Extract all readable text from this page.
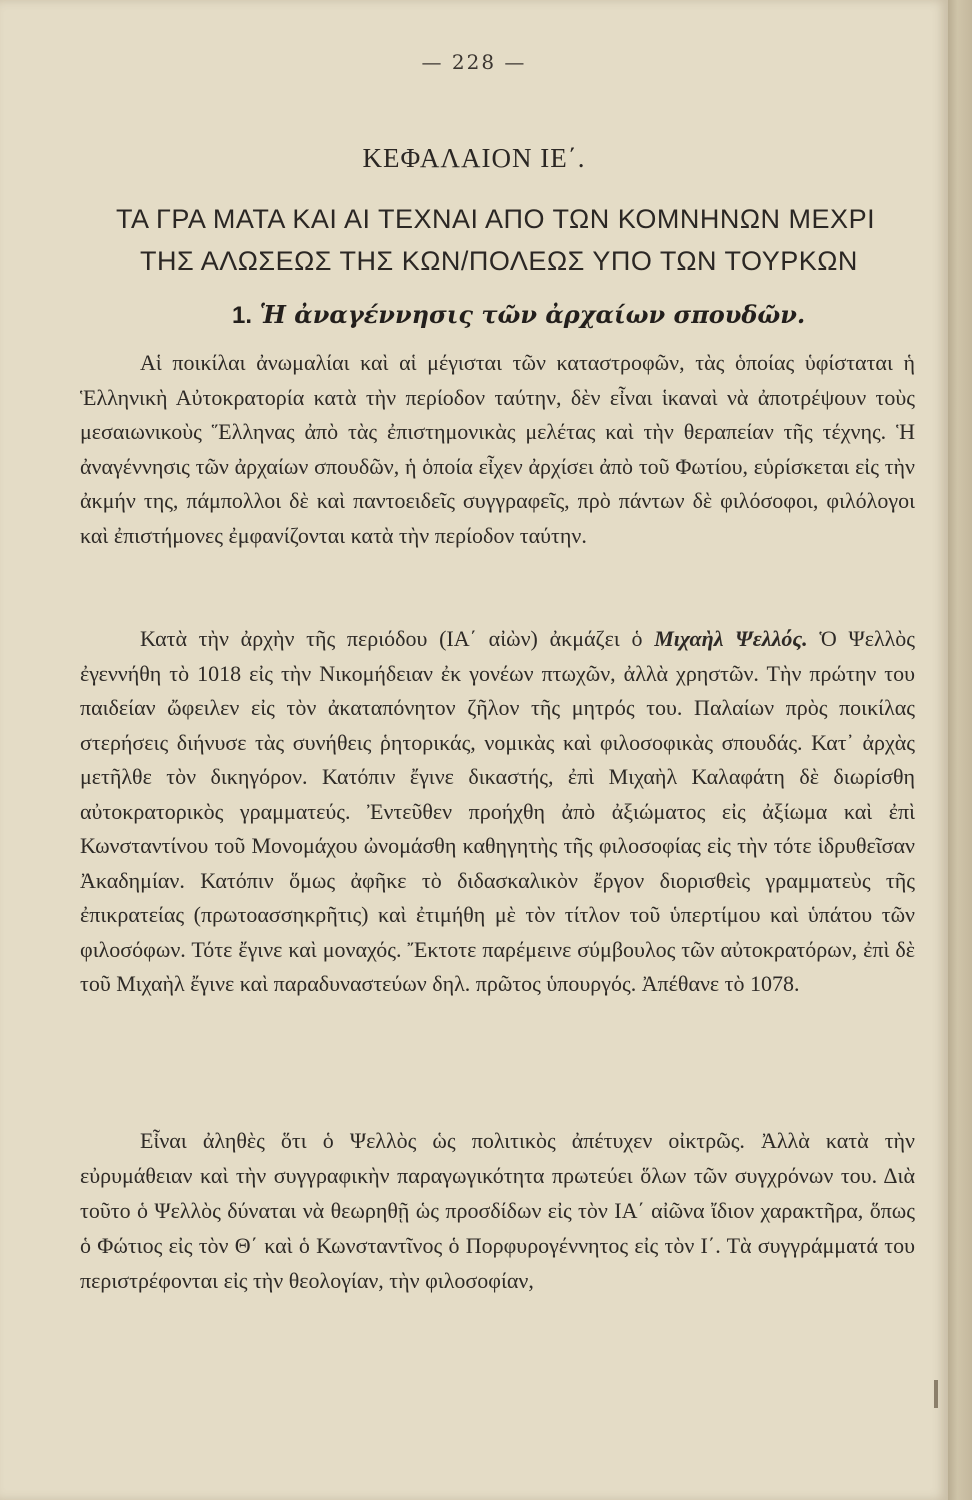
— 228 —
ΚΕΦΑΛΑΙΟΝ ΙΕ΄.
ΤΑ ΓΡΑ ΜΑΤΑ ΚΑΙ ΑΙ ΤΕΧΝΑΙ ΑΠΟ ΤΩΝ ΚΟΜΝΗΝΩΝ ΜΕΧΡΙ
ΤΗΣ ΑΛΩΣΕΩΣ ΤΗΣ ΚΩΝ/ΠΟΛΕΩΣ ΥΠΟ ΤΩΝ ΤΟΥΡΚΩΝ
1. Ἡ ἀναγέννησις τῶν ἀρχαίων σπουδῶν.

Αἱ ποικίλαι ἀνωμαλίαι καὶ αἱ μέγισται τῶν καταστροφῶν, τὰς ὁποίας ὑφίσταται ἡ Ἑλληνικὴ Αὐτοκρατορία κατὰ τὴν περίοδον ταύτην, δὲν εἶναι ἱκαναὶ νὰ ἀποτρέψουν τοὺς μεσαιωνικοὺς Ἕλληνας ἀπὸ τὰς ἐπιστημονικὰς μελέτας καὶ τὴν θεραπείαν τῆς τέχνης. Ἡ ἀναγέννησις τῶν ἀρχαίων σπουδῶν, ἡ ὁποία εἶχεν ἀρχίσει ἀπὸ τοῦ Φωτίου, εὑρίσκεται εἰς τὴν ἀκμήν της, πάμπολλοι δὲ καὶ παντοειδεῖς συγγραφεῖς, πρὸ πάντων δὲ φιλόσοφοι, φιλόλογοι καὶ ἐπιστήμονες ἐμφανίζονται κατὰ τὴν περίοδον ταύτην.

Κατὰ τὴν ἀρχὴν τῆς περιόδου (ΙΑ΄ αἰὼν) ἀκμάζει ὁ Μιχαὴλ Ψελλός. Ὁ Ψελλὸς ἐγεννήθη τὸ 1018 εἰς τὴν Νικομήδειαν ἐκ γονέων πτωχῶν, ἀλλὰ χρηστῶν. Τὴν πρώτην του παιδείαν ὤφειλεν εἰς τὸν ἀκαταπόνητον ζῆλον τῆς μητρός του. Παλαίων πρὸς ποικίλας στερήσεις διήνυσε τὰς συνήθεις ῥητορικάς, νομικὰς καὶ φιλοσοφικὰς σπουδάς. Κατ᾽ ἀρχὰς μετῆλθε τὸν δικηγόρον. Κατόπιν ἔγινε δικαστής, ἐπὶ Μιχαὴλ Καλαφάτη δὲ διωρίσθη αὐτοκρατορικὸς γραμματεύς. Ἐντεῦθεν προήχθη ἀπὸ ἀξιώματος εἰς ἀξίωμα καὶ ἐπὶ Κωνσταντίνου τοῦ Μονομάχου ὠνομάσθη καθηγητὴς τῆς φιλοσοφίας εἰς τὴν τότε ἱδρυθεῖσαν Ἀκαδημίαν. Κατόπιν ὅμως ἀφῆκε τὸ διδασκαλικὸν ἔργον διορισθεὶς γραμματεὺς τῆς ἐπικρατείας (πρωτοασσηκρῆτις) καὶ ἐτιμήθη μὲ τὸν τίτλον τοῦ ὑπερτίμου καὶ ὑπάτου τῶν φιλοσόφων. Τότε ἔγινε καὶ μοναχός. Ἔκτοτε παρέμεινε σύμβουλος τῶν αὐτοκρατόρων, ἐπὶ δὲ τοῦ Μιχαὴλ ἔγινε καὶ παραδυναστεύων δηλ. πρῶτος ὑπουργός. Ἀπέθανε τὸ 1078.

Εἶναι ἀληθὲς ὅτι ὁ Ψελλὸς ὡς πολιτικὸς ἀπέτυχεν οἰκτρῶς. Ἀλλὰ κατὰ τὴν εὐρυμάθειαν καὶ τὴν συγγραφικὴν παραγωγικότητα πρωτεύει ὅλων τῶν συγχρόνων του. Διὰ τοῦτο ὁ Ψελλὸς δύναται νὰ θεωρηθῇ ὡς προσδίδων εἰς τὸν ΙΑ΄ αἰῶνα ἴδιον χαρακτῆρα, ὅπως ὁ Φώτιος εἰς τὸν Θ΄ καὶ ὁ Κωνσταντῖνος ὁ Πορφυρογέννητος εἰς τὸν Ι΄. Τὰ συγγράμματά του περιστρέφονται εἰς τὴν θεολογίαν, τὴν φιλοσοφίαν,
